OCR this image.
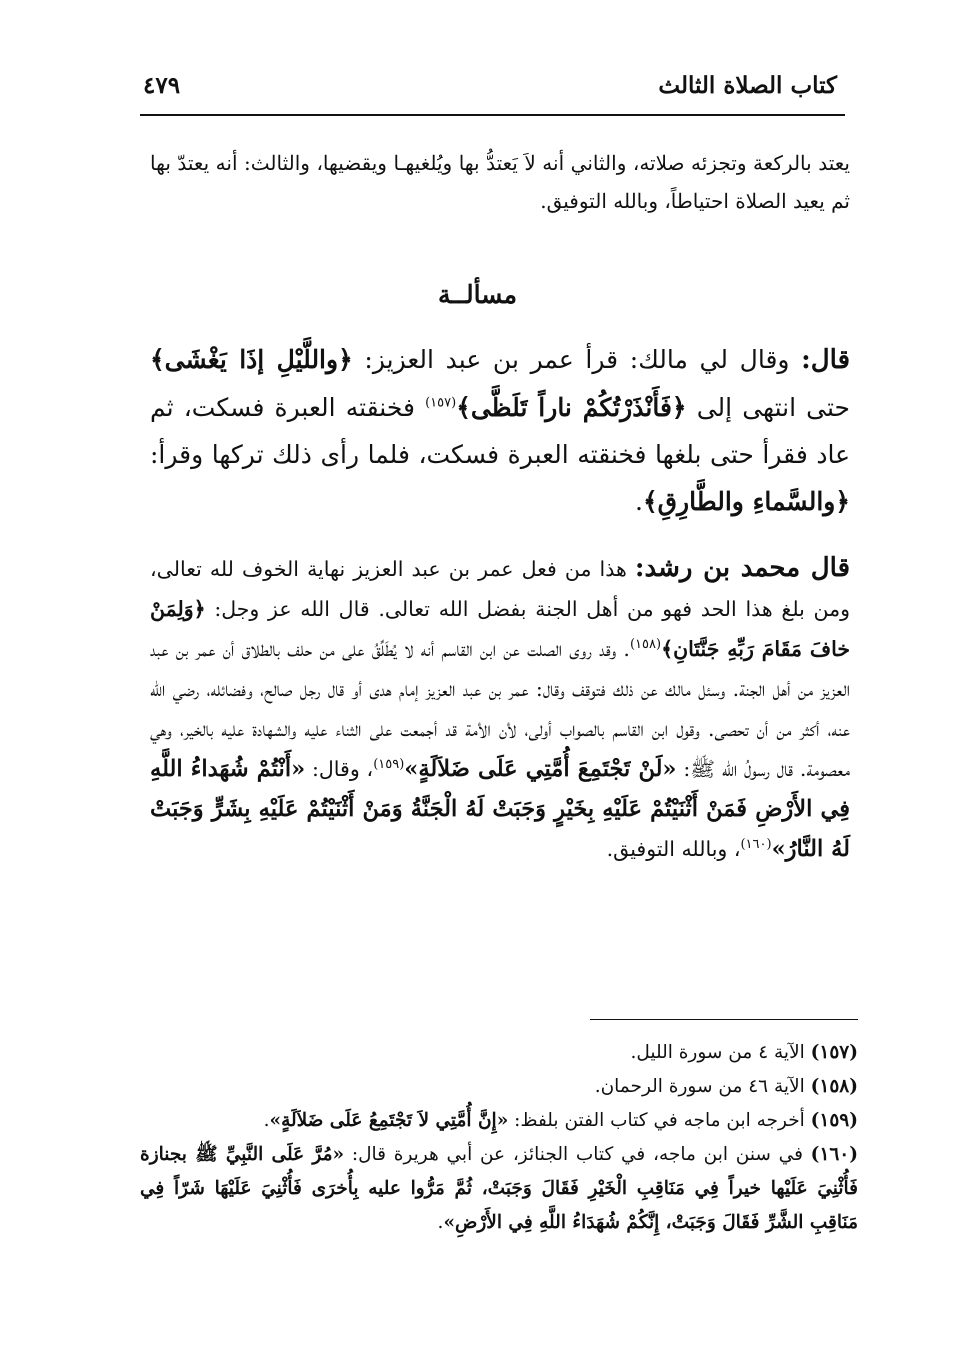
كتاب الصلاة الثالث
٤٧٩
يعتد بالركعة وتجزئه صلاته، والثاني أنه لاَ يَعتدُّ بها ويُلغيهـا ويقضيها، والثالث: أنه يعتدّ بها ثم يعيد الصلاة احتياطاً، وبالله التوفيق.
مسألــة
قال: وقال لي مالك: قرأ عمر بن عبد العزيز: ﴿واللَّيْلِ إذَا يَغْشَى﴾ حتى انتهى إلى ﴿فَأَنْذَرْتُكُمْ ناراً تَلَظَّى﴾$^{(١٥٧)}$ فخنقته العبرة فسكت، ثم عاد فقرأ حتى بلغها فخنقته العبرة فسكت، فلما رأى ذلك تركها وقرأ: ﴿والسَّماءِ والطَّارِقِ﴾.
قال محمد بن رشد: هذا من فعل عمر بن عبد العزيز نهاية الخوف لله تعالى، ومن بلغ هذا الحد فهو من أهل الجنة بفضل الله تعالى. قال الله عز وجل: ﴿وَلِمَنْ خافَ مَقَامَ رَبِّهِ جَنَّتَانِ﴾$^{(١٥٨)}$. وقد روى الصلت عن ابن القاسم أنه لا يُطَلِّقُ على من حلف بالطلاق أن عمر بن عبد العزيز من أهل الجنة. وسئل مالك عن ذلك فتوقف وقال: عمر بن عبد العزيز إمام هدى أو قال رجل صالح، وفضائله، رضي الله عنه، أكثر من أن تحصى. وقول ابن القاسم بالصواب أولى، لأن الأمة قد أجمعت على الثناء عليه والشهادة عليه بالخير، وهي معصومة. قال رسولُ الله ﷺ: «لَنْ تَجْتَمِعَ أُمَّتِي عَلَى ضَلاَلَةٍ»$^{(١٥٩)}$، وقال: «أَنْتُمْ شُهَداءُ اللَّهِ فِي الأَرْضِ فَمَنْ أَثْنَيْتُمْ عَلَيْهِ بِخَيْرٍ وَجَبَتْ لَهُ الْجَنَّةُ وَمَنْ أَثْنَيْتُمْ عَلَيْهِ بِشَرٍّ وَجَبَتْ لَهُ النَّارُ»$^{(١٦٠)}$، وبالله التوفيق.
(١٥٧) الآية ٤ من سورة الليل.
(١٥٨) الآية ٤٦ من سورة الرحمان.
(١٥٩) أخرجه ابن ماجه في كتاب الفتن بلفظ: «إِنَّ أُمَّتِي لاَ تَجْتَمِعُ عَلَى ضَلاَلَةٍ».
(١٦٠) في سنن ابن ماجه، في كتاب الجنائز، عن أبي هريرة قال: «مُرَّ عَلَى النَّبِيِّ ﷺ بجنازة فَأُثْنِيَ عَلَيْها خيراً فِي مَنَاقِبِ الْخَيْرِ فَقَالَ وَجَبَتْ، ثُمَّ مَرُّوا عليه بِأُخرَى فَأُثْنِيَ عَلَيْهَا شَرّاً فِي مَنَاقِبِ الشَّرِّ فَقَالَ وَجَبَتْ، إِنَّكُمْ شُهَدَاءُ اللَّهِ فِي الأَرْضِ».
